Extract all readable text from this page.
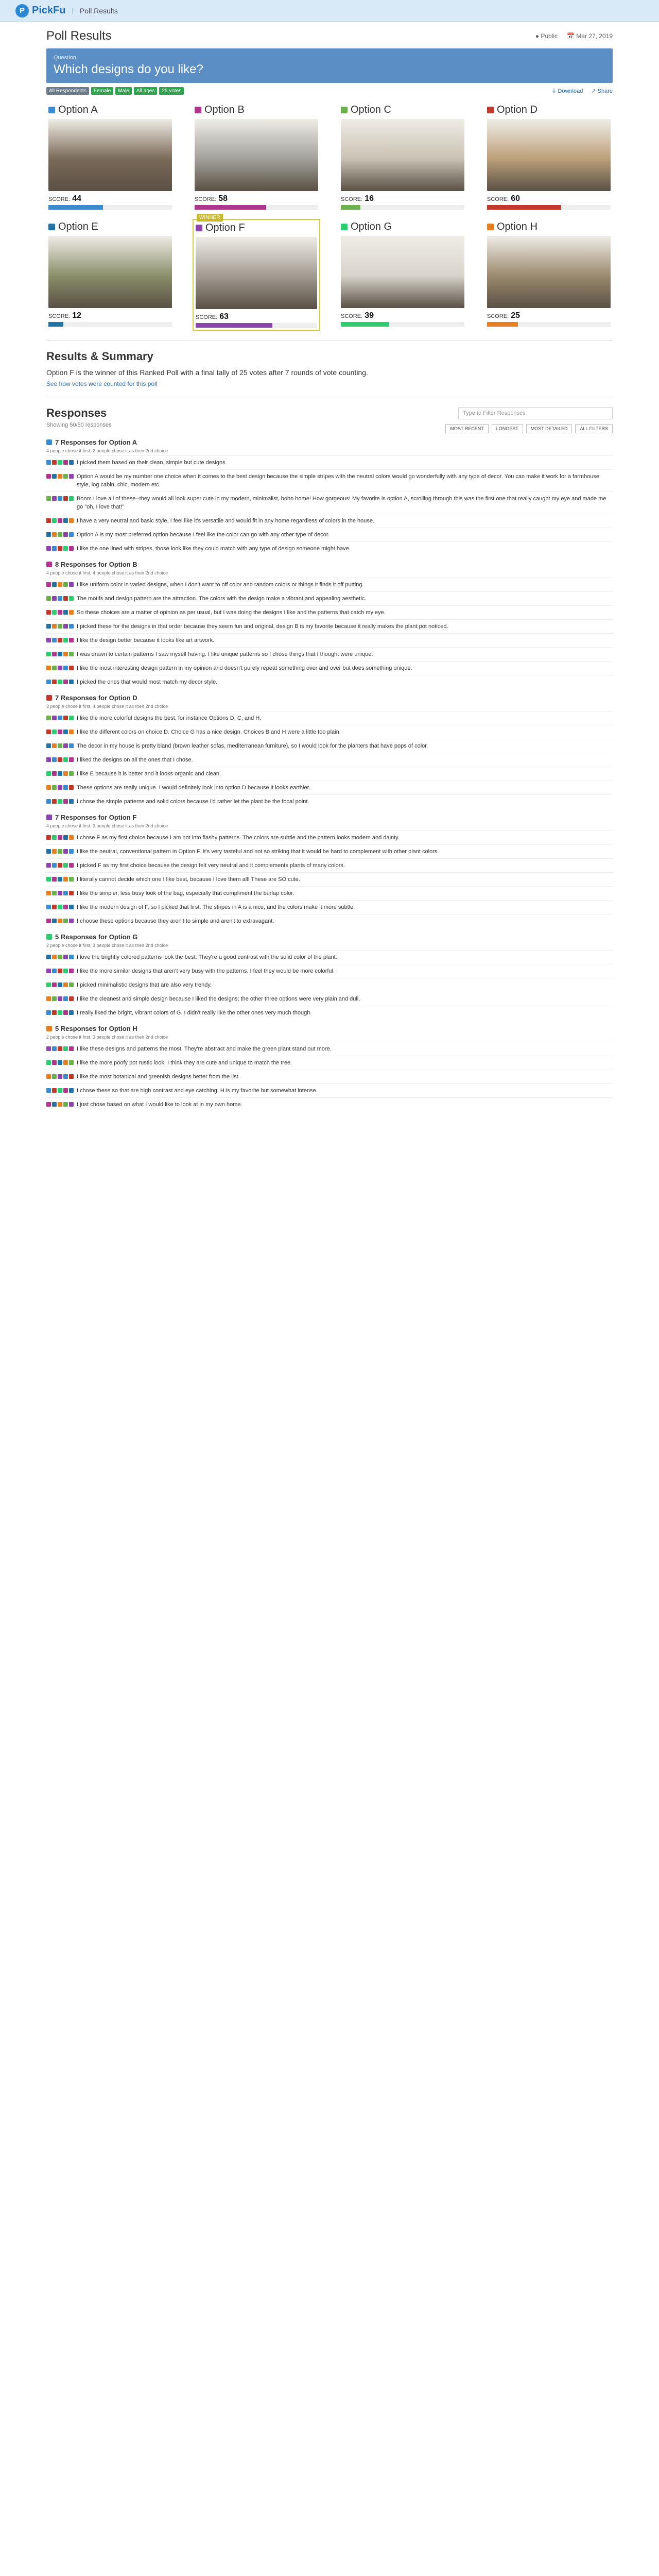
P PickFu | Poll Results
Poll Results	● Public 📅 Mar 27, 2019
Question
Which designs do you like?
All Respondents	Female	Male	All ages	25 votes	⇩ Download ↗ Share
Option A
SCORE: 44
Option B
SCORE: 58
Option C
SCORE: 16
Option D
SCORE: 60
Option E
SCORE: 12
WINNER
Option F
SCORE: 63
Option G
SCORE: 39
Option H
SCORE: 25
Results & Summary

Option F is the winner of this Ranked Poll with a final tally of 25 votes after 7 rounds of vote counting.

See how votes were counted for this poll
Responses	Type to Filter Responses
Showing 50/50 responses
MOST RECENT	LONGEST	MOST DETAILED	ALL FILTERS
7 Responses for Option A
4 people chose it first, 2 people chose it as their 2nd choice
I picked them based on their clean, simple but cute designs
Option A would be my number one choice when it comes to the best design because the simple stripes with the neutral colors would go wonderfully with any type of decor. You can make it work for a farmhouse style, log cabin, chic, modern etc.
Boom I love all of these--they would all look super cute in my modern, minimalist, boho home! How gorgeous! My favorite is option A, scrolling through this was the first one that really caught my eye and made me go "oh, I love that!"
I have a very neutral and basic style, I feel like it's versatile and would fit in any home regardless of colors in the house.
Option A is my most preferred option because I feel like the color can go with any other type of decor.
I like the one lined with stripes, those look like they could match with any type of design someone might have.
8 Responses for Option B
4 people chose it first, 4 people chose it as their 2nd choice
I like uniform color in varied designs, when I don't want to off color and random colors or things it finds it off putting.
The motifs and design pattern are the attraction. The colors with the design make a vibrant and appealing aesthetic.
So these choices are a matter of opinion as per usual, but I was doing the designs I like and the patterns that catch my eye.
I picked these for the designs in that order because they seem fun and original, design B is my favorite because it really makes the plant pot noticed.
I like the design better because it looks like art artwork.
I was drawn to certain patterns I saw myself having. I like unique patterns so I chose things that I thought were unique.
I like the most interesting design pattern in my opinion and doesn't purely repeat something over and over but does something unique.
I picked the ones that would most match my decor style.
7 Responses for Option D
3 people chose it first, 4 people chose it as their 2nd choice
I like the more colorful designs the best, for instance Options D, C, and H.
I like the different colors on choice D. Choice G has a nice design. Choices B and H were a little too plain.
The decor in my house is pretty bland (brown leather sofas, mediterranean furniture), so I would look for the planters that have pops of color.
I liked the designs on all the ones that I chose.
I like E because it is better and it looks organic and clean.
These options are really unique. I would definitely look into option D because it looks earthier.
I chose the simple patterns and solid colors because I'd rather let the plant be the focal point.
7 Responses for Option F
4 people chose it first, 3 people chose it as their 2nd choice
I chose F as my first choice because I am not into flashy patterns. The colors are subtle and the pattern looks modern and dainty.
I like the neutral, conventional pattern in Option F. It's very tasteful and not so striking that it would be hard to complement with other plant colors.
I picked F as my first choice because the design felt very neutral and it complements plants of many colors.
I literally cannot decide which one I like best, because I love them all! These are SO cute.
I like the simpler, less busy look of the bag, especially that compliment the burlap color.
I like the modern design of F, so I picked that first. The stripes in A is a nice, and the colors make it more subtle.
I choose these options because they aren't to simple and aren't to extravagant.
5 Responses for Option G
2 people chose it first, 3 people chose it as their 2nd choice
I love the brightly colored patterns look the best. They're a good contrast with the solid color of the plant.
I like the more similar designs that aren't very busy with the patterns. I feel they would be more colorful.
I picked minimalistic designs that are also very trendy.
I like the cleanest and simple design because I liked the designs; the other three options were very plain and dull.
I really liked the bright, vibrant colors of G. I didn't really like the other ones very much though.
5 Responses for Option H
2 people chose it first, 3 people chose it as their 2nd choice
I like these designs and patterns the most. They're abstract and make the green plant stand out more.
I like the more poofy pot rustic look, I think they are cute and unique to match the tree.
I like the most botanical and greenish designs better from the list.
I chose these so that are high contrast and eye catching. H is my favorite but somewhat intense.
I just chose based on what I would like to look at in my own home.
